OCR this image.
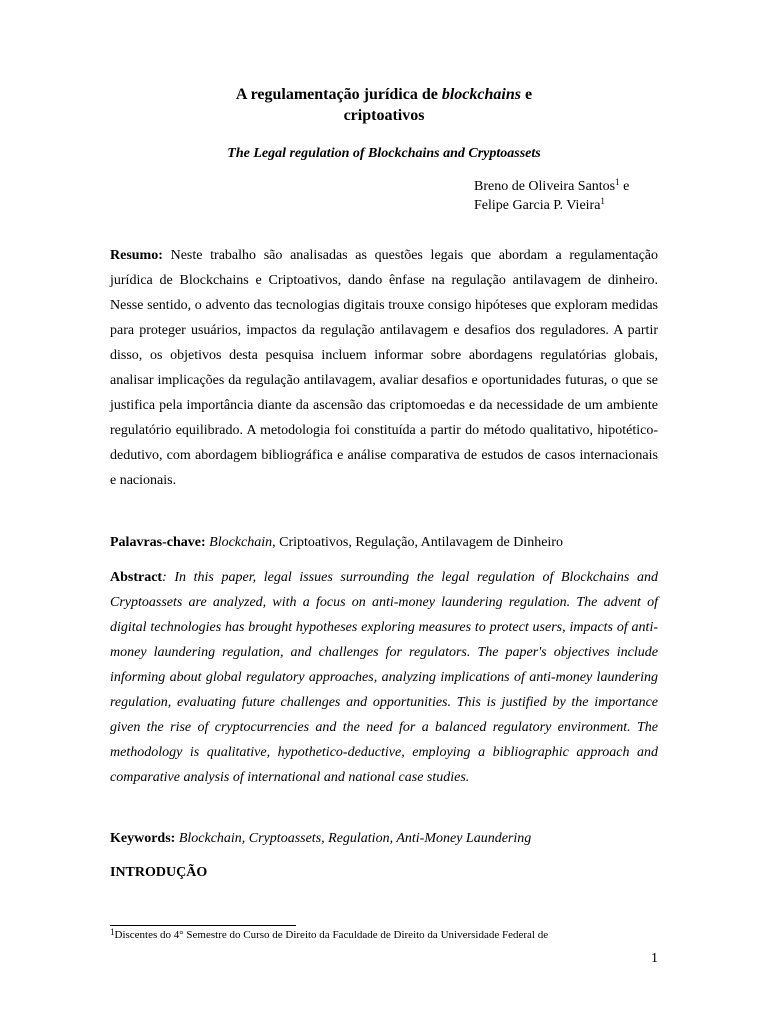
A regulamentação jurídica de blockchains e
criptoativos
The Legal regulation of Blockchains and Cryptoassets
Breno de Oliveira Santos$^1$ e
Felipe Garcia P. Vieira$^1$

Resumo: Neste trabalho são analisadas as questões legais que abordam a regulamentação jurídica de Blockchains e Criptoativos, dando ênfase na regulação antilavagem de dinheiro. Nesse sentido, o advento das tecnologias digitais trouxe consigo hipóteses que exploram medidas para proteger usuários, impactos da regulação antilavagem e desafios dos reguladores. A partir disso, os objetivos desta pesquisa incluem informar sobre abordagens regulatórias globais, analisar implicações da regulação antilavagem, avaliar desafios e oportunidades futuras, o que se justifica pela importância diante da ascensão das criptomoedas e da necessidade de um ambiente regulatório equilibrado. A metodologia foi constituída a partir do método qualitativo, hipotético-dedutivo, com abordagem bibliográfica e análise comparativa de estudos de casos internacionais e nacionais.

Palavras-chave: Blockchain, Criptoativos, Regulação, Antilavagem de Dinheiro

Abstract: In this paper, legal issues surrounding the legal regulation of Blockchains and Cryptoassets are analyzed, with a focus on anti-money laundering regulation. The advent of digital technologies has brought hypotheses exploring measures to protect users, impacts of anti-money laundering regulation, and challenges for regulators. The paper's objectives include informing about global regulatory approaches, analyzing implications of anti-money laundering regulation, evaluating future challenges and opportunities. This is justified by the importance given the rise of cryptocurrencies and the need for a balanced regulatory environment. The methodology is qualitative, hypothetico-deductive, employing a bibliographic approach and comparative analysis of international and national case studies.

Keywords: Blockchain, Cryptoassets, Regulation, Anti-Money Laundering

INTRODUÇÃO

$^1$Discentes do 4° Semestre do Curso de Direito da Faculdade de Direito da Universidade Federal de
1
